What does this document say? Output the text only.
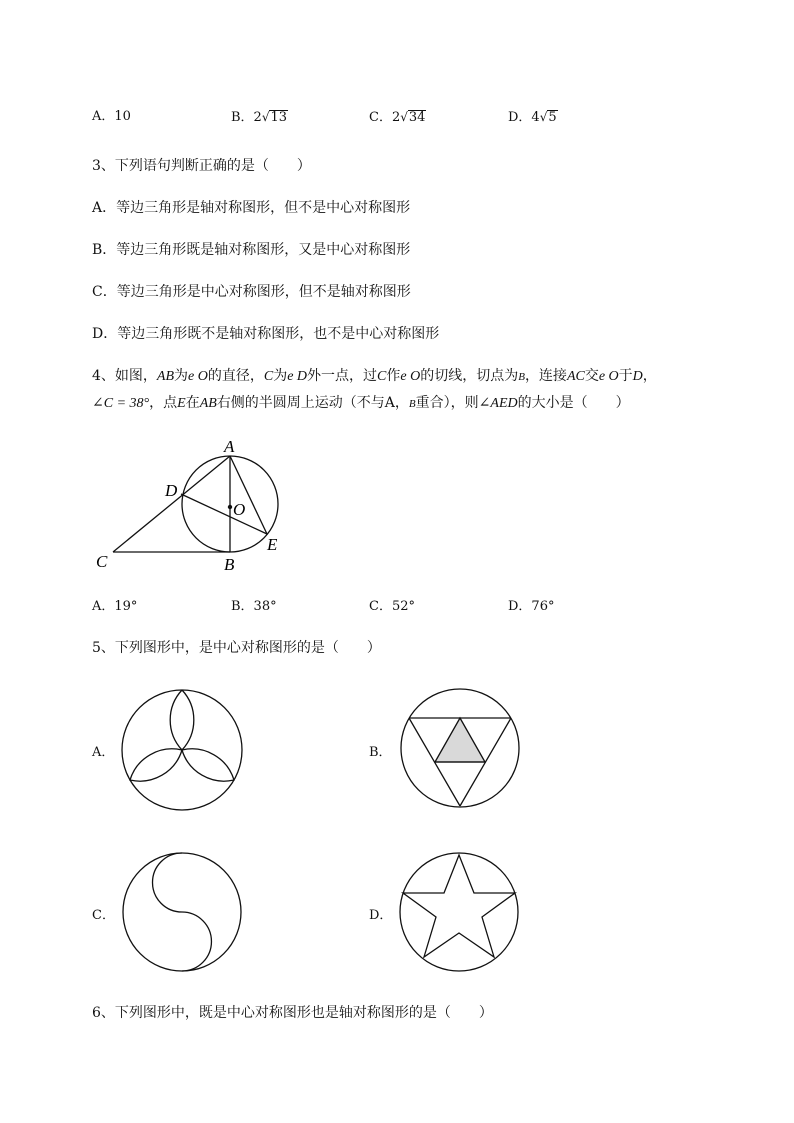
A．10	B．2√13	C．2√34	D．4√5
3、下列语句判断正确的是（　　）
A．等边三角形是轴对称图形，但不是中心对称图形
B．等边三角形既是轴对称图形，又是中心对称图形
C．等边三角形是中心对称图形，但不是轴对称图形
D．等边三角形既不是轴对称图形，也不是中心对称图形
4、如图，AB为e O的直径，C为e D外一点，过C作e O的切线，切点为B，连接AC交e O于D，
∠C = 38°，点E在AB右侧的半圆周上运动（不与A，B重合），则∠AED的大小是（　　）
A
D
O
C	B
E
A．19°	B．38°	C．52°	D．76°
5、下列图形中，是中心对称图形的是（　　）
A．	B．
C．	D．
6、下列图形中，既是中心对称图形也是轴对称图形的是（　　）
